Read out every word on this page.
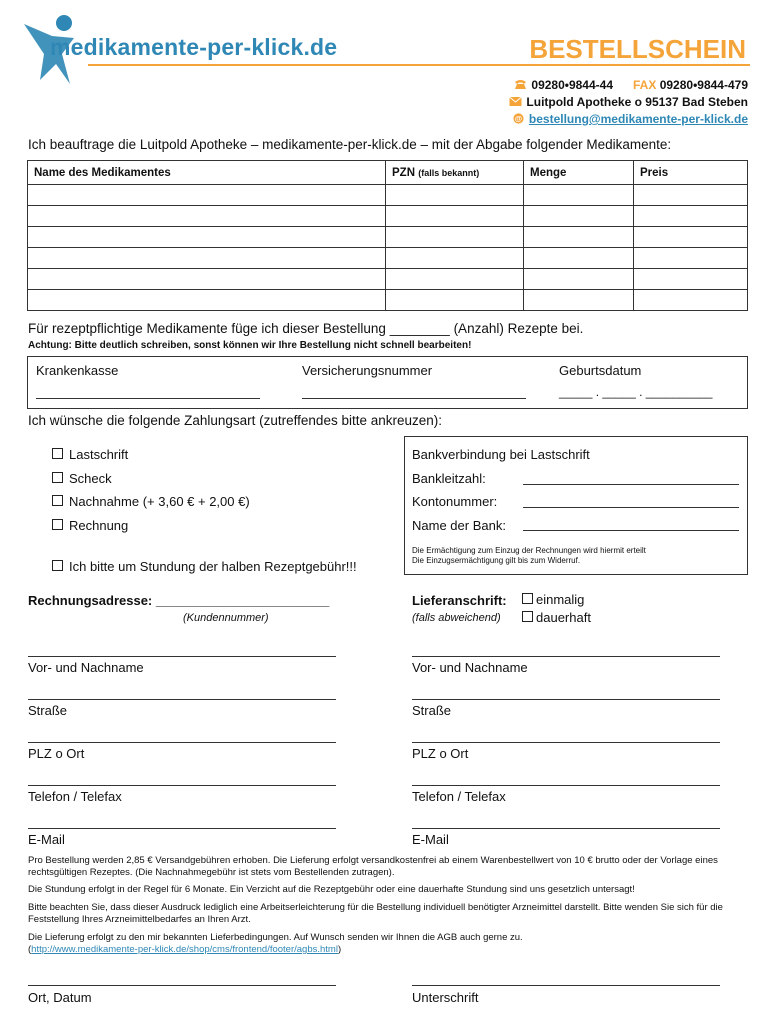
medikamente-per-klick.de	BESTELLSCHEIN
09280•9844-44 FAX 09280•9844-479
Luitpold Apotheke o 95137 Bad Steben
@ bestellung@medikamente-per-klick.de
Ich beauftrage die Luitpold Apotheke – medikamente-per-klick.de – mit der Abgabe folgender Medikamente:
Name des Medikamentes	PZN (falls bekannt)	Menge	Preis

Für rezeptpflichtige Medikamente füge ich dieser Bestellung ________ (Anzahl) Rezepte bei.
Achtung: Bitte deutlich schreiben, sonst können wir Ihre Bestellung nicht schnell bearbeiten!
Krankenkasse	Versicherungsnummer	Geburtsdatum
_____ . _____ . __________
Ich wünsche die folgende Zahlungsart (zutreffendes bitte ankreuzen):
Lastschrift
Scheck
Nachnahme (+ 3,60 € + 2,00 €)
Rechnung
Ich bitte um Stundung der halben Rezeptgebühr!!!
Bankverbindung bei Lastschrift
Bankleitzahl:
Kontonummer:
Name der Bank:
Die Ermächtigung zum Einzug der Rechnungen wird hiermit erteilt
Die Einzugsermächtigung gilt bis zum Widerruf.
Rechnungsadresse: ________________________
(Kundennummer)
Lieferanschrift:
(falls abweichend)
einmalig
dauerhaft
Vor- und Nachname
Straße
PLZ o Ort
Telefon / Telefax
E-Mail
Vor- und Nachname
Straße
PLZ o Ort
Telefon / Telefax
E-Mail
Pro Bestellung werden 2,85 € Versandgebühren erhoben. Die Lieferung erfolgt versandkostenfrei ab einem Warenbestellwert von 10 € brutto oder der Vorlage eines rechtsgültigen Rezeptes. (Die Nachnahmegebühr ist stets vom Bestellenden zutragen).
Die Stundung erfolgt in der Regel für 6 Monate. Ein Verzicht auf die Rezeptgebühr oder eine dauerhafte Stundung sind uns gesetzlich untersagt!
Bitte beachten Sie, dass dieser Ausdruck lediglich eine Arbeitserleichterung für die Bestellung individuell benötigter Arzneimittel darstellt. Bitte wenden Sie sich für die Feststellung Ihres Arzneimittelbedarfes an Ihren Arzt.
Die Lieferung erfolgt zu den mir bekannten Lieferbedingungen. Auf Wunsch senden wir Ihnen die AGB auch gerne zu.
(http://www.medikamente-per-klick.de/shop/cms/frontend/footer/agbs.html)
Ort, Datum	Unterschrift
